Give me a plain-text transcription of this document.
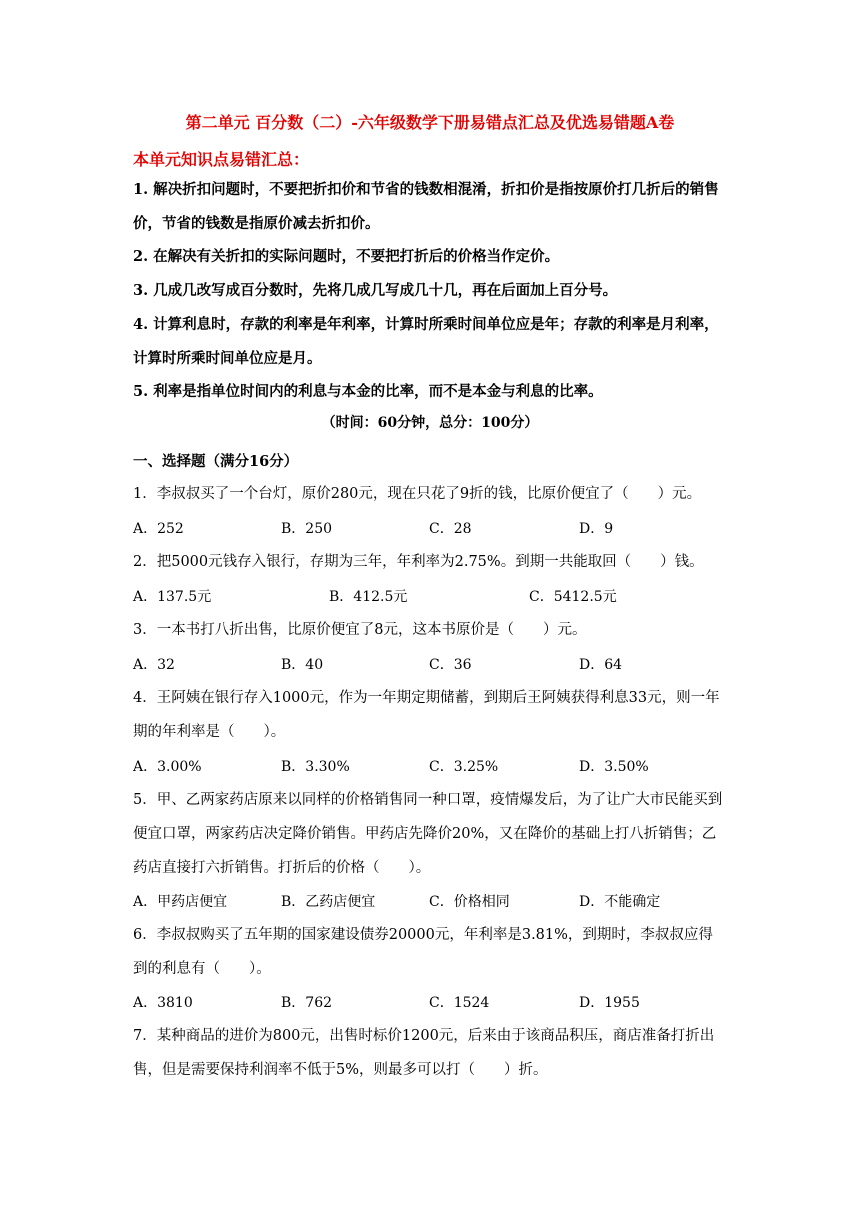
第二单元 百分数（二）-六年级数学下册易错点汇总及优选易错题A卷
本单元知识点易错汇总：
1. 解决折扣问题时，不要把折扣价和节省的钱数相混淆，折扣价是指按原价打几折后的销售价，节省的钱数是指原价减去折扣价。
2. 在解决有关折扣的实际问题时，不要把打折后的价格当作定价。
3. 几成几改写成百分数时，先将几成几写成几十几，再在后面加上百分号。
4. 计算利息时，存款的利率是年利率，计算时所乘时间单位应是年；存款的利率是月利率，计算时所乘时间单位应是月。
5. 利率是指单位时间内的利息与本金的比率，而不是本金与利息的比率。
（时间：60分钟，总分：100分）
一、选择题（满分16分）
1．李叔叔买了一个台灯，原价280元，现在只花了9折的钱，比原价便宜了（　　）元。
A．252	B．250	C．28	D．9
2．把5000元钱存入银行，存期为三年，年利率为2.75%。到期一共能取回（　　）钱。
A．137.5元	B．412.5元	C．5412.5元
3．一本书打八折出售，比原价便宜了8元，这本书原价是（　　）元。
A．32	B．40	C．36	D．64
4．王阿姨在银行存入1000元，作为一年期定期储蓄，到期后王阿姨获得利息33元，则一年期的年利率是（　　）。
A．3.00%	B．3.30%	C．3.25%	D．3.50%
5．甲、乙两家药店原来以同样的价格销售同一种口罩，疫情爆发后，为了让广大市民能买到便宜口罩，两家药店决定降价销售。甲药店先降价20%，又在降价的基础上打八折销售；乙药店直接打六折销售。打折后的价格（　　）。
A．甲药店便宜	B．乙药店便宜	C．价格相同	D．不能确定
6．李叔叔购买了五年期的国家建设债券20000元，年利率是3.81%，到期时，李叔叔应得到的利息有（　　）。
A．3810	B．762	C．1524	D．1955
7．某种商品的进价为800元，出售时标价1200元，后来由于该商品积压，商店准备打折出售，但是需要保持利润率不低于5%，则最多可以打（　　）折。
